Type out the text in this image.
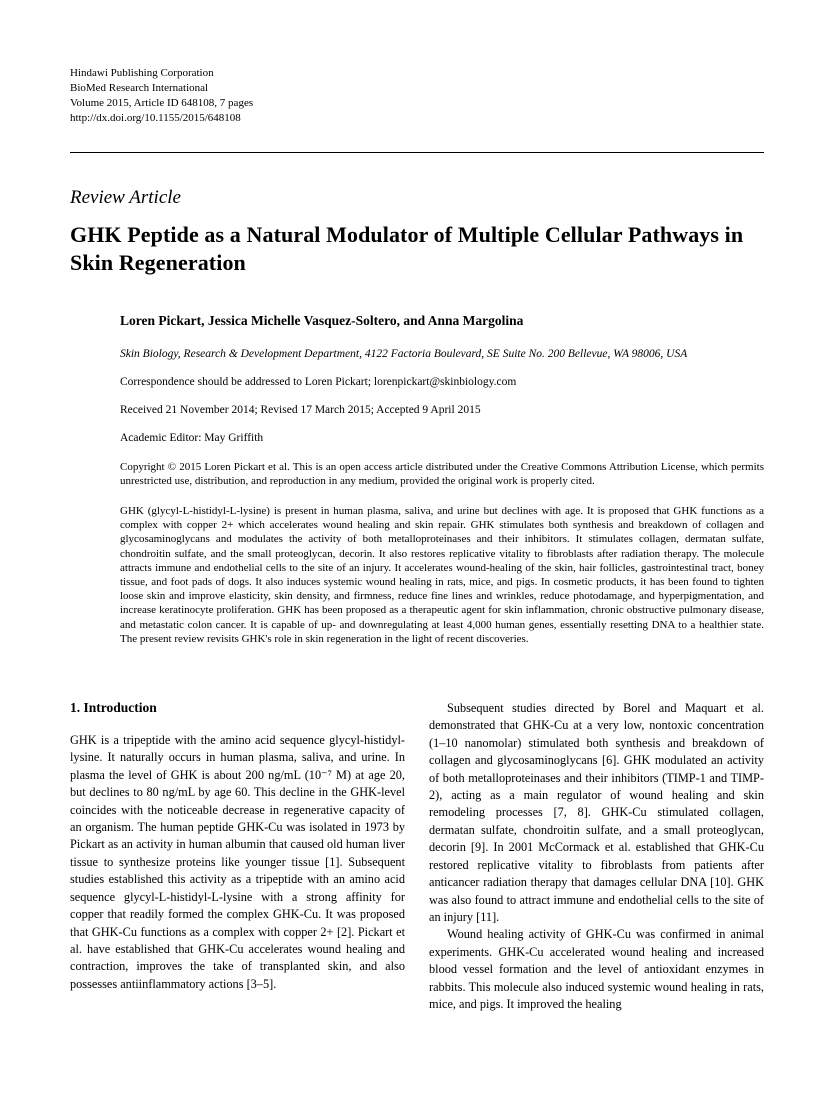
Hindawi Publishing Corporation
BioMed Research International
Volume 2015, Article ID 648108, 7 pages
http://dx.doi.org/10.1155/2015/648108
Review Article
GHK Peptide as a Natural Modulator of Multiple Cellular Pathways in Skin Regeneration
Loren Pickart, Jessica Michelle Vasquez-Soltero, and Anna Margolina
Skin Biology, Research & Development Department, 4122 Factoria Boulevard, SE Suite No. 200 Bellevue, WA 98006, USA
Correspondence should be addressed to Loren Pickart; lorenpickart@skinbiology.com
Received 21 November 2014; Revised 17 March 2015; Accepted 9 April 2015
Academic Editor: May Griffith

Copyright © 2015 Loren Pickart et al. This is an open access article distributed under the Creative Commons Attribution License, which permits unrestricted use, distribution, and reproduction in any medium, provided the original work is properly cited.

GHK (glycyl-L-histidyl-L-lysine) is present in human plasma, saliva, and urine but declines with age. It is proposed that GHK functions as a complex with copper 2+ which accelerates wound healing and skin repair. GHK stimulates both synthesis and breakdown of collagen and glycosaminoglycans and modulates the activity of both metalloproteinases and their inhibitors. It stimulates collagen, dermatan sulfate, chondroitin sulfate, and the small proteoglycan, decorin. It also restores replicative vitality to fibroblasts after radiation therapy. The molecule attracts immune and endothelial cells to the site of an injury. It accelerates wound-healing of the skin, hair follicles, gastrointestinal tract, boney tissue, and foot pads of dogs. It also induces systemic wound healing in rats, mice, and pigs. In cosmetic products, it has been found to tighten loose skin and improve elasticity, skin density, and firmness, reduce fine lines and wrinkles, reduce photodamage, and hyperpigmentation, and increase keratinocyte proliferation. GHK has been proposed as a therapeutic agent for skin inflammation, chronic obstructive pulmonary disease, and metastatic colon cancer. It is capable of up- and downregulating at least 4,000 human genes, essentially resetting DNA to a healthier state. The present review revisits GHK's role in skin regeneration in the light of recent discoveries.

1. Introduction

GHK is a tripeptide with the amino acid sequence glycyl-histidyl-lysine. It naturally occurs in human plasma, saliva, and urine. In plasma the level of GHK is about 200 ng/mL (10⁻⁷ M) at age 20, but declines to 80 ng/mL by age 60. This decline in the GHK-level coincides with the noticeable decrease in regenerative capacity of an organism. The human peptide GHK-Cu was isolated in 1973 by Pickart as an activity in human albumin that caused old human liver tissue to synthesize proteins like younger tissue [1]. Subsequent studies established this activity as a tripeptide with an amino acid sequence glycyl-L-histidyl-L-lysine with a strong affinity for copper that readily formed the complex GHK-Cu. It was proposed that GHK-Cu functions as a complex with copper 2+ [2]. Pickart et al. have established that GHK-Cu accelerates wound healing and contraction, improves the take of transplanted skin, and also possesses antiinflammatory actions [3–5].

Subsequent studies directed by Borel and Maquart et al. demonstrated that GHK-Cu at a very low, nontoxic concentration (1–10 nanomolar) stimulated both synthesis and breakdown of collagen and glycosaminoglycans [6]. GHK modulated an activity of both metalloproteinases and their inhibitors (TIMP-1 and TIMP-2), acting as a main regulator of wound healing and skin remodeling processes [7, 8]. GHK-Cu stimulated collagen, dermatan sulfate, chondroitin sulfate, and a small proteoglycan, decorin [9]. In 2001 McCormack et al. established that GHK-Cu restored replicative vitality to fibroblasts from patients after anticancer radiation therapy that damages cellular DNA [10]. GHK was also found to attract immune and endothelial cells to the site of an injury [11].

Wound healing activity of GHK-Cu was confirmed in animal experiments. GHK-Cu accelerated wound healing and increased blood vessel formation and the level of antioxidant enzymes in rabbits. This molecule also induced systemic wound healing in rats, mice, and pigs. It improved the healing
